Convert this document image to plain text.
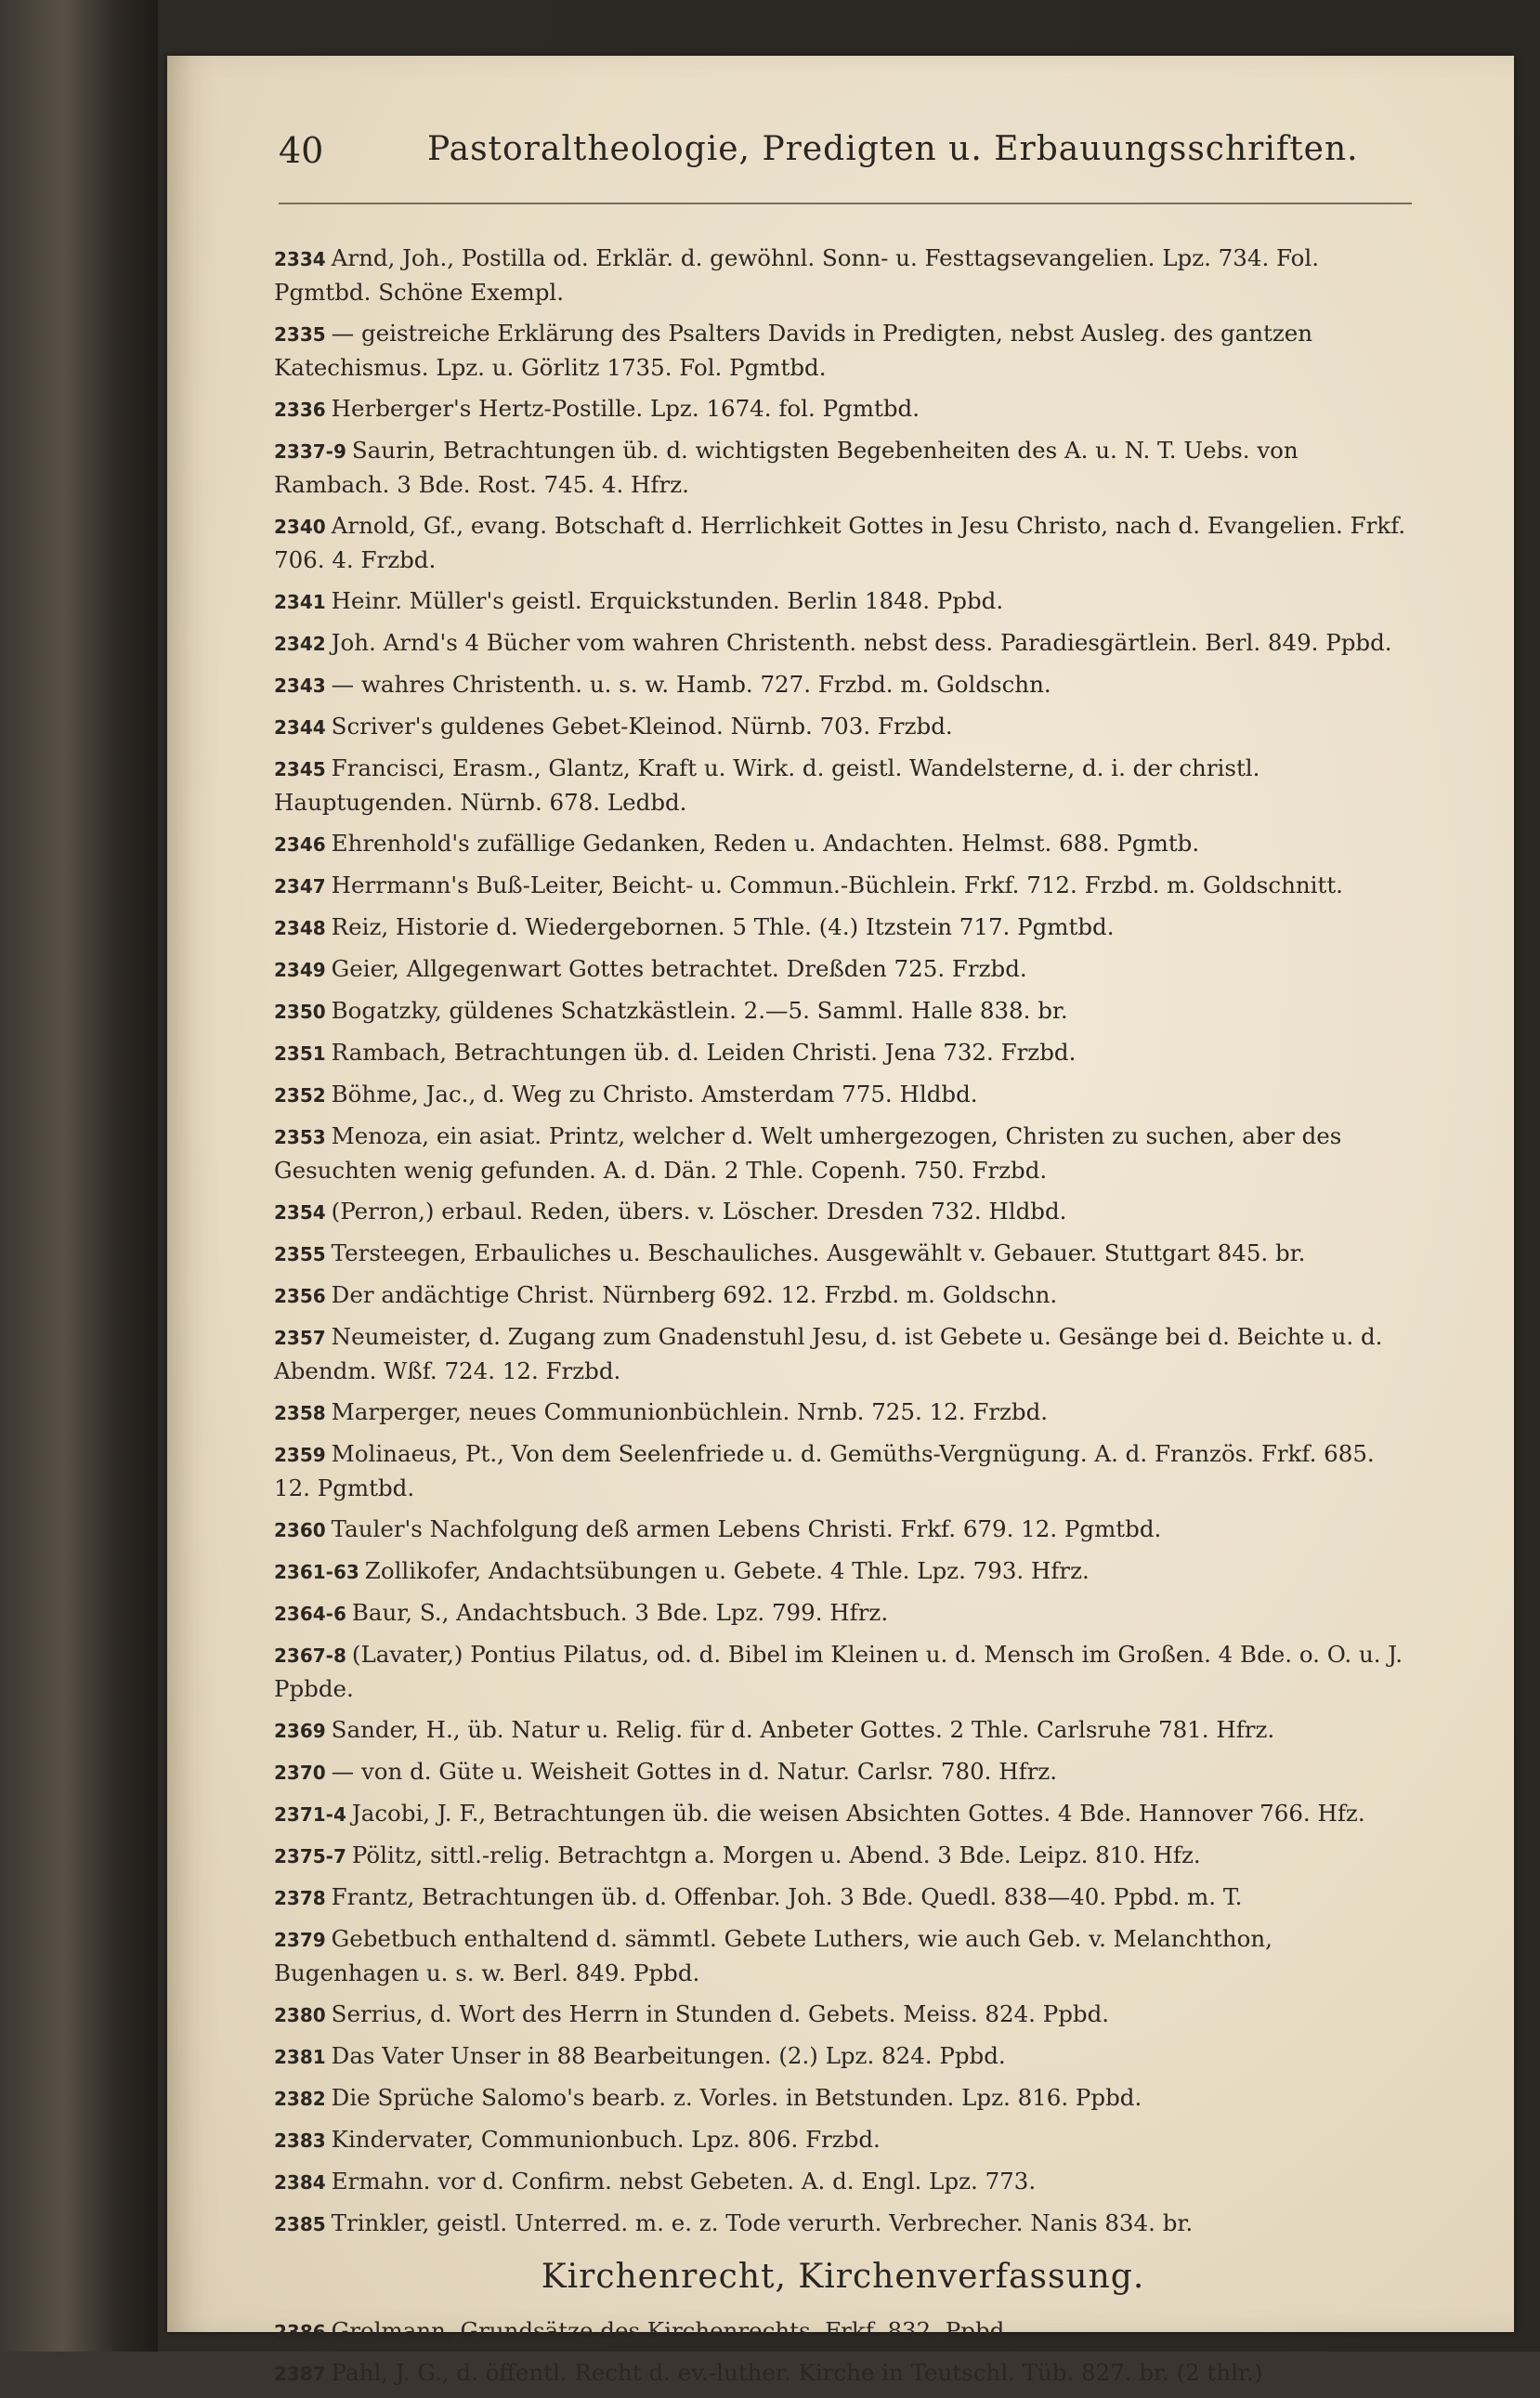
40	Pastoraltheologie, Predigten u. Erbauungsschriften.
2334 Arnd, Joh., Postilla od. Erklär. d. gewöhnl. Sonn- u. Festtagsevangelien. Lpz. 734. Fol. Pgmtbd. Schöne Exempl.
2335 — geistreiche Erklärung des Psalters Davids in Predigten, nebst Ausleg. des gantzen Katechismus. Lpz. u. Görlitz 1735. Fol. Pgmtbd.
2336 Herberger's Hertz-Postille. Lpz. 1674. fol. Pgmtbd.
2337-9 Saurin, Betrachtungen üb. d. wichtigsten Begebenheiten des A. u. N. T. Uebs. von Rambach. 3 Bde. Rost. 745. 4. Hfrz.
2340 Arnold, Gf., evang. Botschaft d. Herrlichkeit Gottes in Jesu Christo, nach d. Evangelien. Frkf. 706. 4. Frzbd.
2341 Heinr. Müller's geistl. Erquickstunden. Berlin 1848. Ppbd.
2342 Joh. Arnd's 4 Bücher vom wahren Christenth. nebst dess. Paradiesgärtlein. Berl. 849. Ppbd.
2343 — wahres Christenth. u. s. w. Hamb. 727. Frzbd. m. Goldschn.
2344 Scriver's guldenes Gebet-Kleinod. Nürnb. 703. Frzbd.
2345 Francisci, Erasm., Glantz, Kraft u. Wirk. d. geistl. Wandelsterne, d. i. der christl. Hauptugenden. Nürnb. 678. Ledbd.
2346 Ehrenhold's zufällige Gedanken, Reden u. Andachten. Helmst. 688. Pgmtb.
2347 Herrmann's Buß-Leiter, Beicht- u. Commun.-Büchlein. Frkf. 712. Frzbd. m. Goldschnitt.
2348 Reiz, Historie d. Wiedergebornen. 5 Thle. (4.) Itzstein 717. Pgmtbd.
2349 Geier, Allgegenwart Gottes betrachtet. Dreßden 725. Frzbd.
2350 Bogatzky, güldenes Schatzkästlein. 2.—5. Samml. Halle 838. br.
2351 Rambach, Betrachtungen üb. d. Leiden Christi. Jena 732. Frzbd.
2352 Böhme, Jac., d. Weg zu Christo. Amsterdam 775. Hldbd.
2353 Menoza, ein asiat. Printz, welcher d. Welt umhergezogen, Christen zu suchen, aber des Gesuchten wenig gefunden. A. d. Dän. 2 Thle. Copenh. 750. Frzbd.
2354 (Perron,) erbaul. Reden, übers. v. Löscher. Dresden 732. Hldbd.
2355 Tersteegen, Erbauliches u. Beschauliches. Ausgewählt v. Gebauer. Stuttgart 845. br.
2356 Der andächtige Christ. Nürnberg 692. 12. Frzbd. m. Goldschn.
2357 Neumeister, d. Zugang zum Gnadenstuhl Jesu, d. ist Gebete u. Gesänge bei d. Beichte u. d. Abendm. Wßf. 724. 12. Frzbd.
2358 Marperger, neues Communionbüchlein. Nrnb. 725. 12. Frzbd.
2359 Molinaeus, Pt., Von dem Seelenfriede u. d. Gemüths-Vergnügung. A. d. Französ. Frkf. 685. 12. Pgmtbd.
2360 Tauler's Nachfolgung deß armen Lebens Christi. Frkf. 679. 12. Pgmtbd.
2361-63 Zollikofer, Andachtsübungen u. Gebete. 4 Thle. Lpz. 793. Hfrz.
2364-6 Baur, S., Andachtsbuch. 3 Bde. Lpz. 799. Hfrz.
2367-8 (Lavater,) Pontius Pilatus, od. d. Bibel im Kleinen u. d. Mensch im Großen. 4 Bde. o. O. u. J. Ppbde.
2369 Sander, H., üb. Natur u. Relig. für d. Anbeter Gottes. 2 Thle. Carlsruhe 781. Hfrz.
2370 — von d. Güte u. Weisheit Gottes in d. Natur. Carlsr. 780. Hfrz.
2371-4 Jacobi, J. F., Betrachtungen üb. die weisen Absichten Gottes. 4 Bde. Hannover 766. Hfz.
2375-7 Pölitz, sittl.-relig. Betrachtgn a. Morgen u. Abend. 3 Bde. Leipz. 810. Hfz.
2378 Frantz, Betrachtungen üb. d. Offenbar. Joh. 3 Bde. Quedl. 838—40. Ppbd. m. T.
2379 Gebetbuch enthaltend d. sämmtl. Gebete Luthers, wie auch Geb. v. Melanchthon, Bugenhagen u. s. w. Berl. 849. Ppbd.
2380 Serrius, d. Wort des Herrn in Stunden d. Gebets. Meiss. 824. Ppbd.
2381 Das Vater Unser in 88 Bearbeitungen. (2.) Lpz. 824. Ppbd.
2382 Die Sprüche Salomo's bearb. z. Vorles. in Betstunden. Lpz. 816. Ppbd.
2383 Kindervater, Communionbuch. Lpz. 806. Frzbd.
2384 Ermahn. vor d. Confirm. nebst Gebeten. A. d. Engl. Lpz. 773.
2385 Trinkler, geistl. Unterred. m. e. z. Tode verurth. Verbrecher. Nanis 834. br.
Kirchenrecht, Kirchenverfassung.
2386 Grolmann, Grundsätze des Kirchenrechts. Frkf. 832. Ppbd.
2387 Pahl, J. G., d. öffentl. Recht d. ev.-luther. Kirche in Teutschl. Tüb. 827. br. (2 thlr.)
